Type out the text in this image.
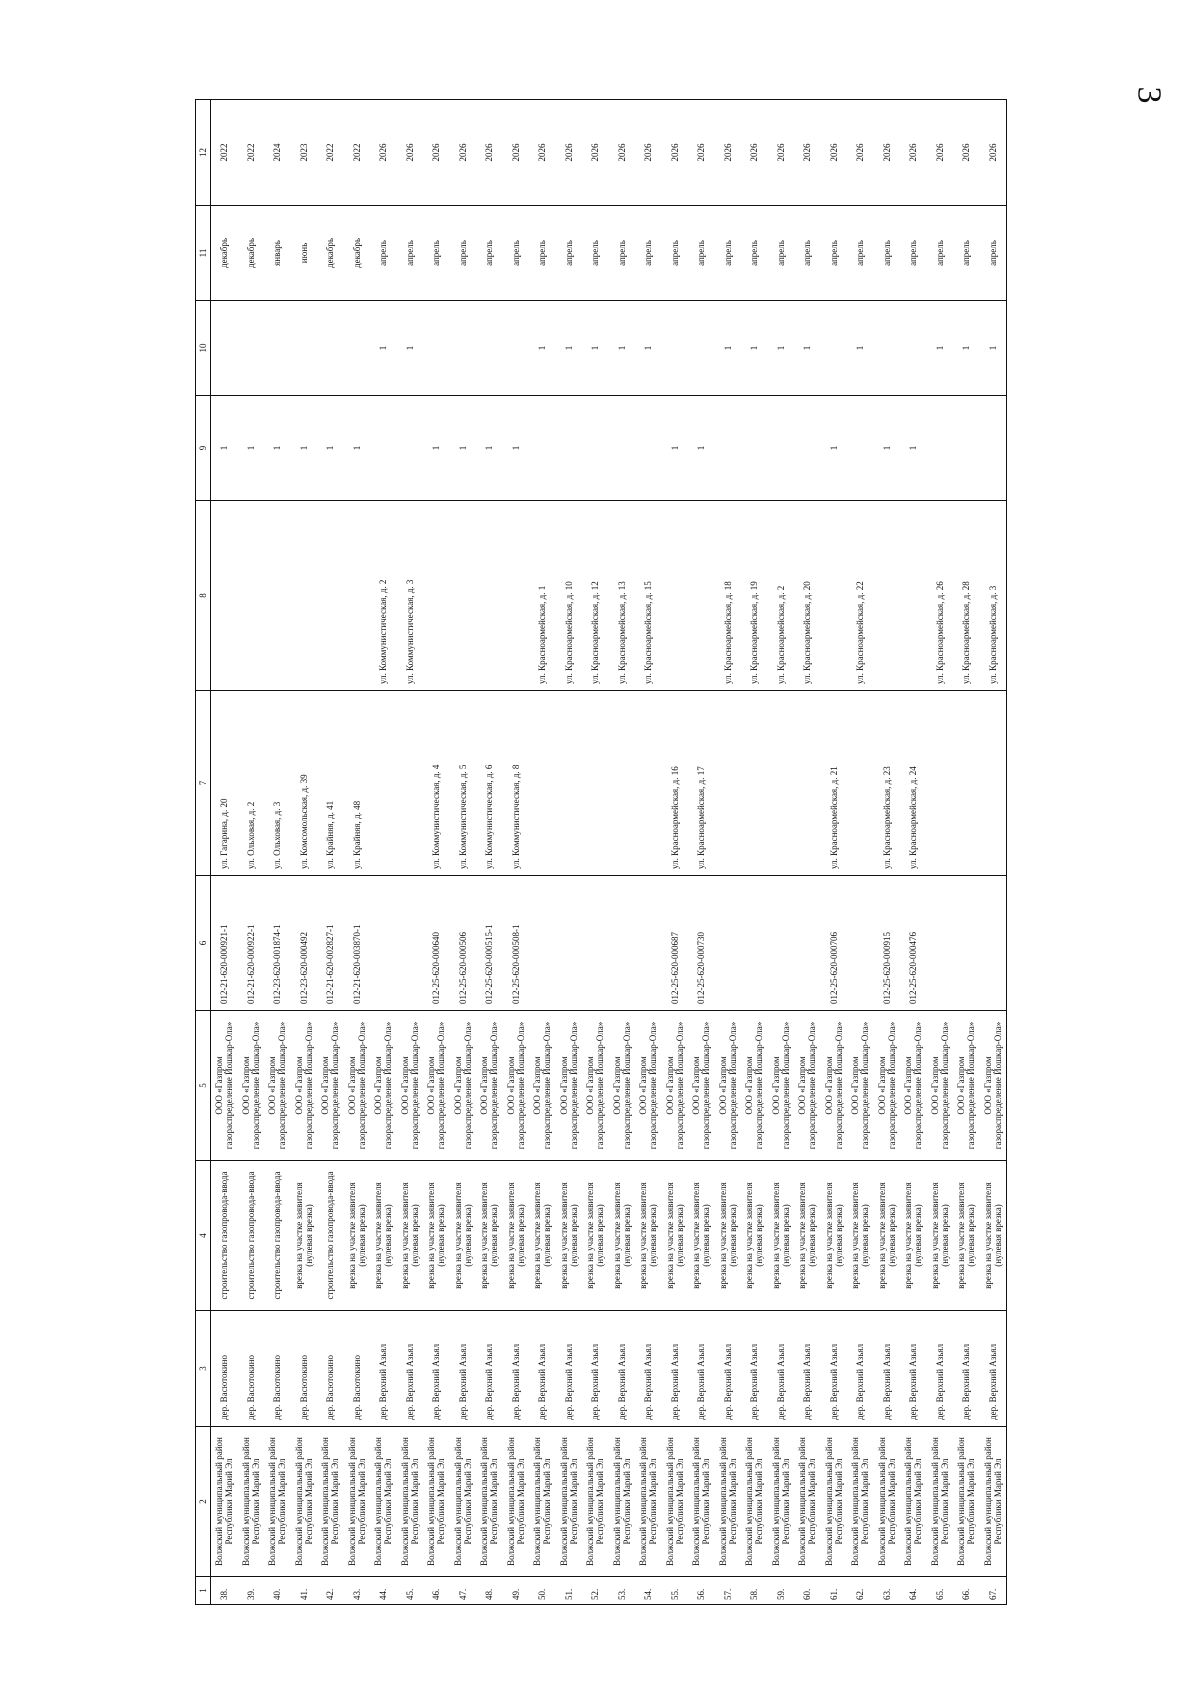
3
1	2	3	4	5	6	7	8	9	10	11	12
38.	Волжский муниципальный район Республики Марий Эл	дер. Васютокино	строительство газопровода-ввода	ООО «Газпром газораспределение Йошкар-Ола»	012-21-620-000921-1	ул. Гагарина, д. 20		1		декабрь	2022
39.	Волжский муниципальный район Республики Марий Эл	дер. Васютокино	строительство газопровода-ввода	ООО «Газпром газораспределение Йошкар-Ола»	012-21-620-000922-1	ул. Ольховая, д. 2		1		декабрь	2022
40.	Волжский муниципальный район Республики Марий Эл	дер. Васютокино	строительство газопровода-ввода	ООО «Газпром газораспределение Йошкар-Ола»	012-23-620-001874-1	ул. Ольховая, д. 3		1		январь	2024
41.	Волжский муниципальный район Республики Марий Эл	дер. Васютокино	врезка на участке заявителя (нулевая врезка)	ООО «Газпром газораспределение Йошкар-Ола»	012-23-620-000492	ул. Комсомольская, д. 39		1		июнь	2023
42.	Волжский муниципальный район Республики Марий Эл	дер. Васютокино	строительство газопровода-ввода	ООО «Газпром газораспределение Йошкар-Ола»	012-21-620-002827-1	ул. Крайняя, д. 41		1		декабрь	2022
43.	Волжский муниципальный район Республики Марий Эл	дер. Васютокино	врезка на участке заявителя (нулевая врезка)	ООО «Газпром газораспределение Йошкар-Ола»	012-21-620-003870-1	ул. Крайняя, д. 48		1		декабрь	2022
44.	Волжский муниципальный район Республики Марий Эл	дер. Верхний Азьял	врезка на участке заявителя (нулевая врезка)	ООО «Газпром газораспределение Йошкар-Ола»			ул. Коммунистическая, д. 2		1	апрель	2026
45.	Волжский муниципальный район Республики Марий Эл	дер. Верхний Азьял	врезка на участке заявителя (нулевая врезка)	ООО «Газпром газораспределение Йошкар-Ола»			ул. Коммунистическая, д. 3		1	апрель	2026
46.	Волжский муниципальный район Республики Марий Эл	дер. Верхний Азьял	врезка на участке заявителя (нулевая врезка)	ООО «Газпром газораспределение Йошкар-Ола»	012-25-620-000640	ул. Коммунистическая, д. 4		1		апрель	2026
47.	Волжский муниципальный район Республики Марий Эл	дер. Верхний Азьял	врезка на участке заявителя (нулевая врезка)	ООО «Газпром газораспределение Йошкар-Ола»	012-25-620-000506	ул. Коммунистическая, д. 5		1		апрель	2026
48.	Волжский муниципальный район Республики Марий Эл	дер. Верхний Азьял	врезка на участке заявителя (нулевая врезка)	ООО «Газпром газораспределение Йошкар-Ола»	012-25-620-000515-1	ул. Коммунистическая, д. 6		1		апрель	2026
49.	Волжский муниципальный район Республики Марий Эл	дер. Верхний Азьял	врезка на участке заявителя (нулевая врезка)	ООО «Газпром газораспределение Йошкар-Ола»	012-25-620-000508-1	ул. Коммунистическая, д. 8		1		апрель	2026
50.	Волжский муниципальный район Республики Марий Эл	дер. Верхний Азьял	врезка на участке заявителя (нулевая врезка)	ООО «Газпром газораспределение Йошкар-Ола»			ул. Красноармейская, д. 1		1	апрель	2026
51.	Волжский муниципальный район Республики Марий Эл	дер. Верхний Азьял	врезка на участке заявителя (нулевая врезка)	ООО «Газпром газораспределение Йошкар-Ола»			ул. Красноармейская, д. 10		1	апрель	2026
52.	Волжский муниципальный район Республики Марий Эл	дер. Верхний Азьял	врезка на участке заявителя (нулевая врезка)	ООО «Газпром газораспределение Йошкар-Ола»			ул. Красноармейская, д. 12		1	апрель	2026
53.	Волжский муниципальный район Республики Марий Эл	дер. Верхний Азьял	врезка на участке заявителя (нулевая врезка)	ООО «Газпром газораспределение Йошкар-Ола»			ул. Красноармейская, д. 13		1	апрель	2026
54.	Волжский муниципальный район Республики Марий Эл	дер. Верхний Азьял	врезка на участке заявителя (нулевая врезка)	ООО «Газпром газораспределение Йошкар-Ола»			ул. Красноармейская, д. 15		1	апрель	2026
55.	Волжский муниципальный район Республики Марий Эл	дер. Верхний Азьял	врезка на участке заявителя (нулевая врезка)	ООО «Газпром газораспределение Йошкар-Ола»	012-25-620-000687	ул. Красноармейская, д. 16		1		апрель	2026
56.	Волжский муниципальный район Республики Марий Эл	дер. Верхний Азьял	врезка на участке заявителя (нулевая врезка)	ООО «Газпром газораспределение Йошкар-Ола»	012-25-620-000730	ул. Красноармейская, д. 17		1		апрель	2026
57.	Волжский муниципальный район Республики Марий Эл	дер. Верхний Азьял	врезка на участке заявителя (нулевая врезка)	ООО «Газпром газораспределение Йошкар-Ола»			ул. Красноармейская, д. 18		1	апрель	2026
58.	Волжский муниципальный район Республики Марий Эл	дер. Верхний Азьял	врезка на участке заявителя (нулевая врезка)	ООО «Газпром газораспределение Йошкар-Ола»			ул. Красноармейская, д. 19		1	апрель	2026
59.	Волжский муниципальный район Республики Марий Эл	дер. Верхний Азьял	врезка на участке заявителя (нулевая врезка)	ООО «Газпром газораспределение Йошкар-Ола»			ул. Красноармейская, д. 2		1	апрель	2026
60.	Волжский муниципальный район Республики Марий Эл	дер. Верхний Азьял	врезка на участке заявителя (нулевая врезка)	ООО «Газпром газораспределение Йошкар-Ола»			ул. Красноармейская, д. 20		1	апрель	2026
61.	Волжский муниципальный район Республики Марий Эл	дер. Верхний Азьял	врезка на участке заявителя (нулевая врезка)	ООО «Газпром газораспределение Йошкар-Ола»	012-25-620-000706	ул. Красноармейская, д. 21		1		апрель	2026
62.	Волжский муниципальный район Республики Марий Эл	дер. Верхний Азьял	врезка на участке заявителя (нулевая врезка)	ООО «Газпром газораспределение Йошкар-Ола»			ул. Красноармейская, д. 22		1	апрель	2026
63.	Волжский муниципальный район Республики Марий Эл	дер. Верхний Азьял	врезка на участке заявителя (нулевая врезка)	ООО «Газпром газораспределение Йошкар-Ола»	012-25-620-000915	ул. Красноармейская, д. 23		1		апрель	2026
64.	Волжский муниципальный район Республики Марий Эл	дер. Верхний Азьял	врезка на участке заявителя (нулевая врезка)	ООО «Газпром газораспределение Йошкар-Ола»	012-25-620-000476	ул. Красноармейская, д. 24		1		апрель	2026
65.	Волжский муниципальный район Республики Марий Эл	дер. Верхний Азьял	врезка на участке заявителя (нулевая врезка)	ООО «Газпром газораспределение Йошкар-Ола»			ул. Красноармейская, д. 26		1	апрель	2026
66.	Волжский муниципальный район Республики Марий Эл	дер. Верхний Азьял	врезка на участке заявителя (нулевая врезка)	ООО «Газпром газораспределение Йошкар-Ола»			ул. Красноармейская, д. 28		1	апрель	2026
67.	Волжский муниципальный район Республики Марий Эл	дер. Верхний Азьял	врезка на участке заявителя (нулевая врезка)	ООО «Газпром газораспределение Йошкар-Ола»			ул. Красноармейская, д. 3		1	апрель	2026
